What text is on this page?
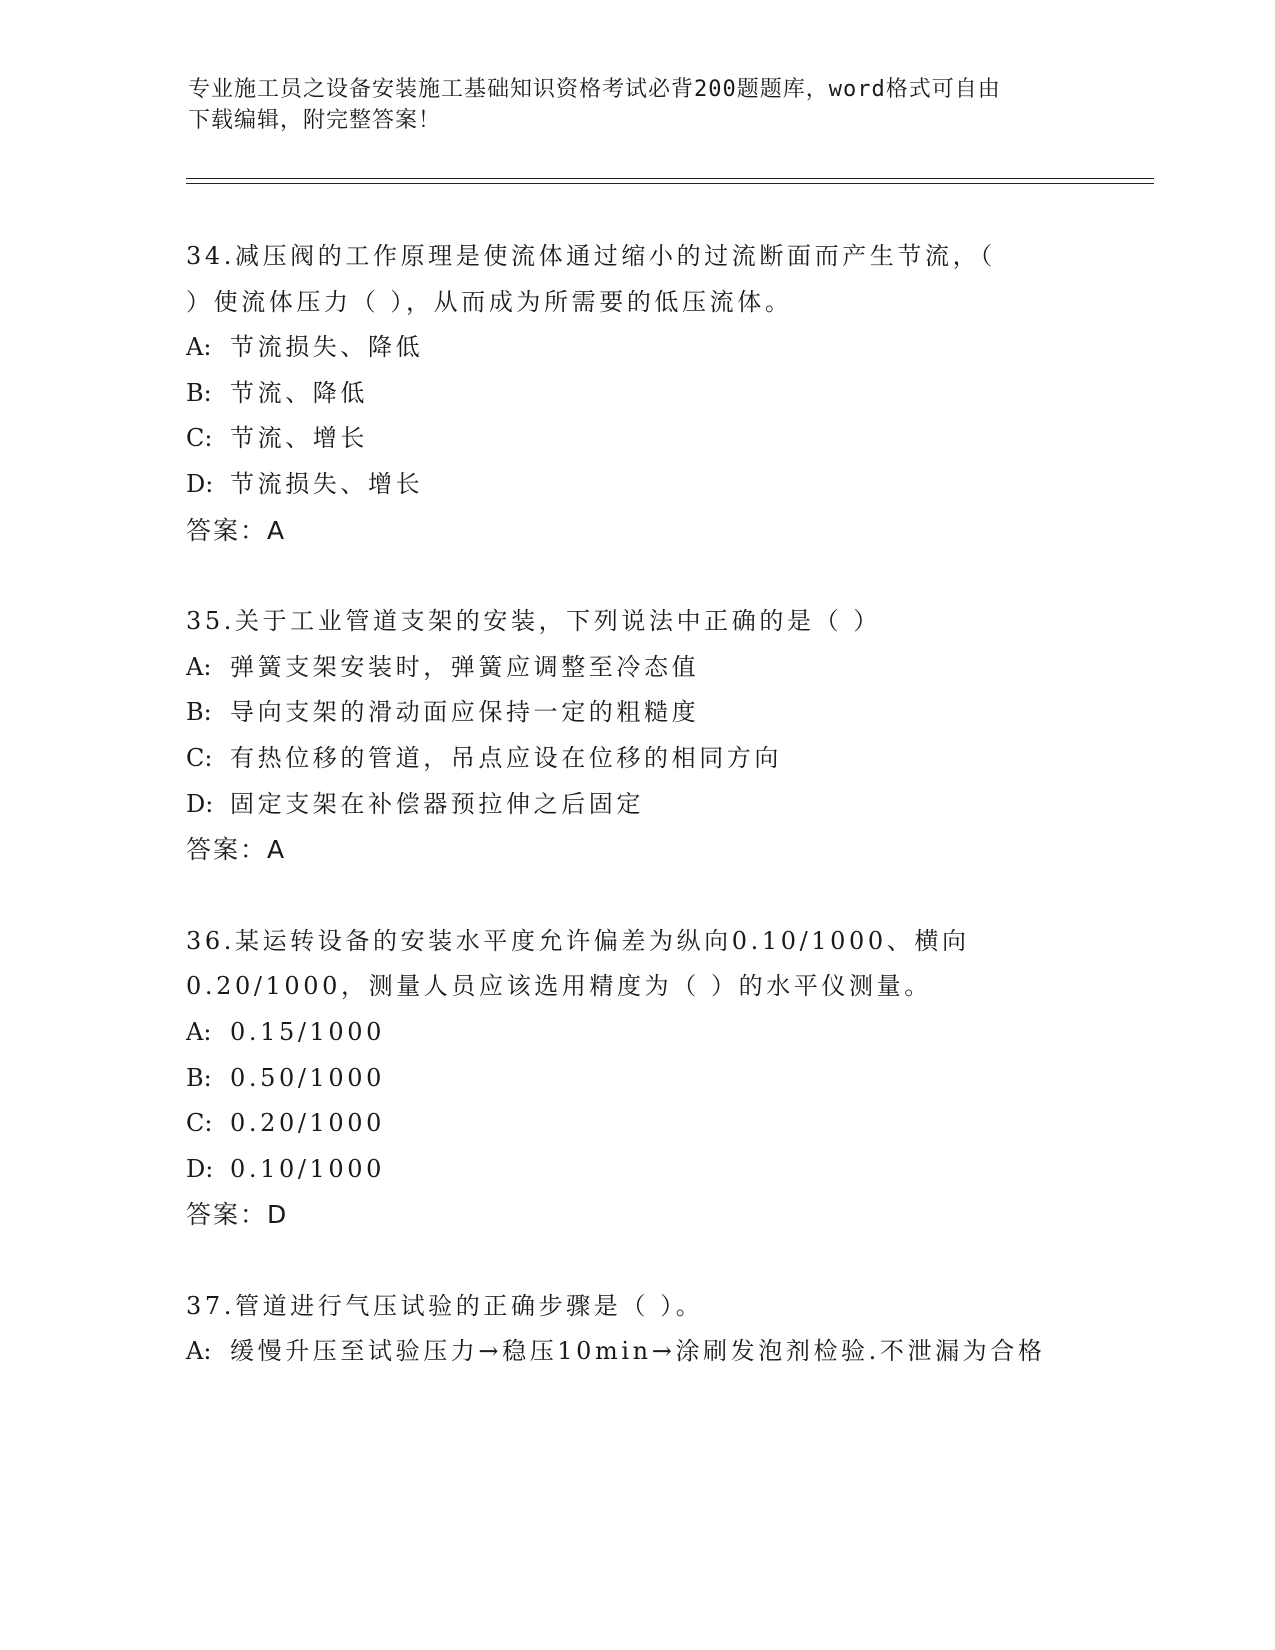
专业施工员之设备安装施工基础知识资格考试必背200题题库，word格式可自由
下载编辑，附完整答案！
34.减压阀的工作原理是使流体通过缩小的过流断面而产生节流，（
）使流体压力（ ），从而成为所需要的低压流体。
A: 节流损失、降低
B: 节流、降低
C: 节流、增长
D: 节流损失、增长
答案：A
35.关于工业管道支架的安装，下列说法中正确的是（ ）
A: 弹簧支架安装时，弹簧应调整至冷态值
B: 导向支架的滑动面应保持一定的粗糙度
C: 有热位移的管道，吊点应设在位移的相同方向
D: 固定支架在补偿器预拉伸之后固定
答案：A
36.某运转设备的安装水平度允许偏差为纵向0.10/1000、横向
0.20/1000，测量人员应该选用精度为（ ）的水平仪测量。
A: 0.15/1000
B: 0.50/1000
C: 0.20/1000
D: 0.10/1000
答案：D
37.管道进行气压试验的正确步骤是（ ）。
A: 缓慢升压至试验压力→稳压10min→涂刷发泡剂检验.不泄漏为合格
